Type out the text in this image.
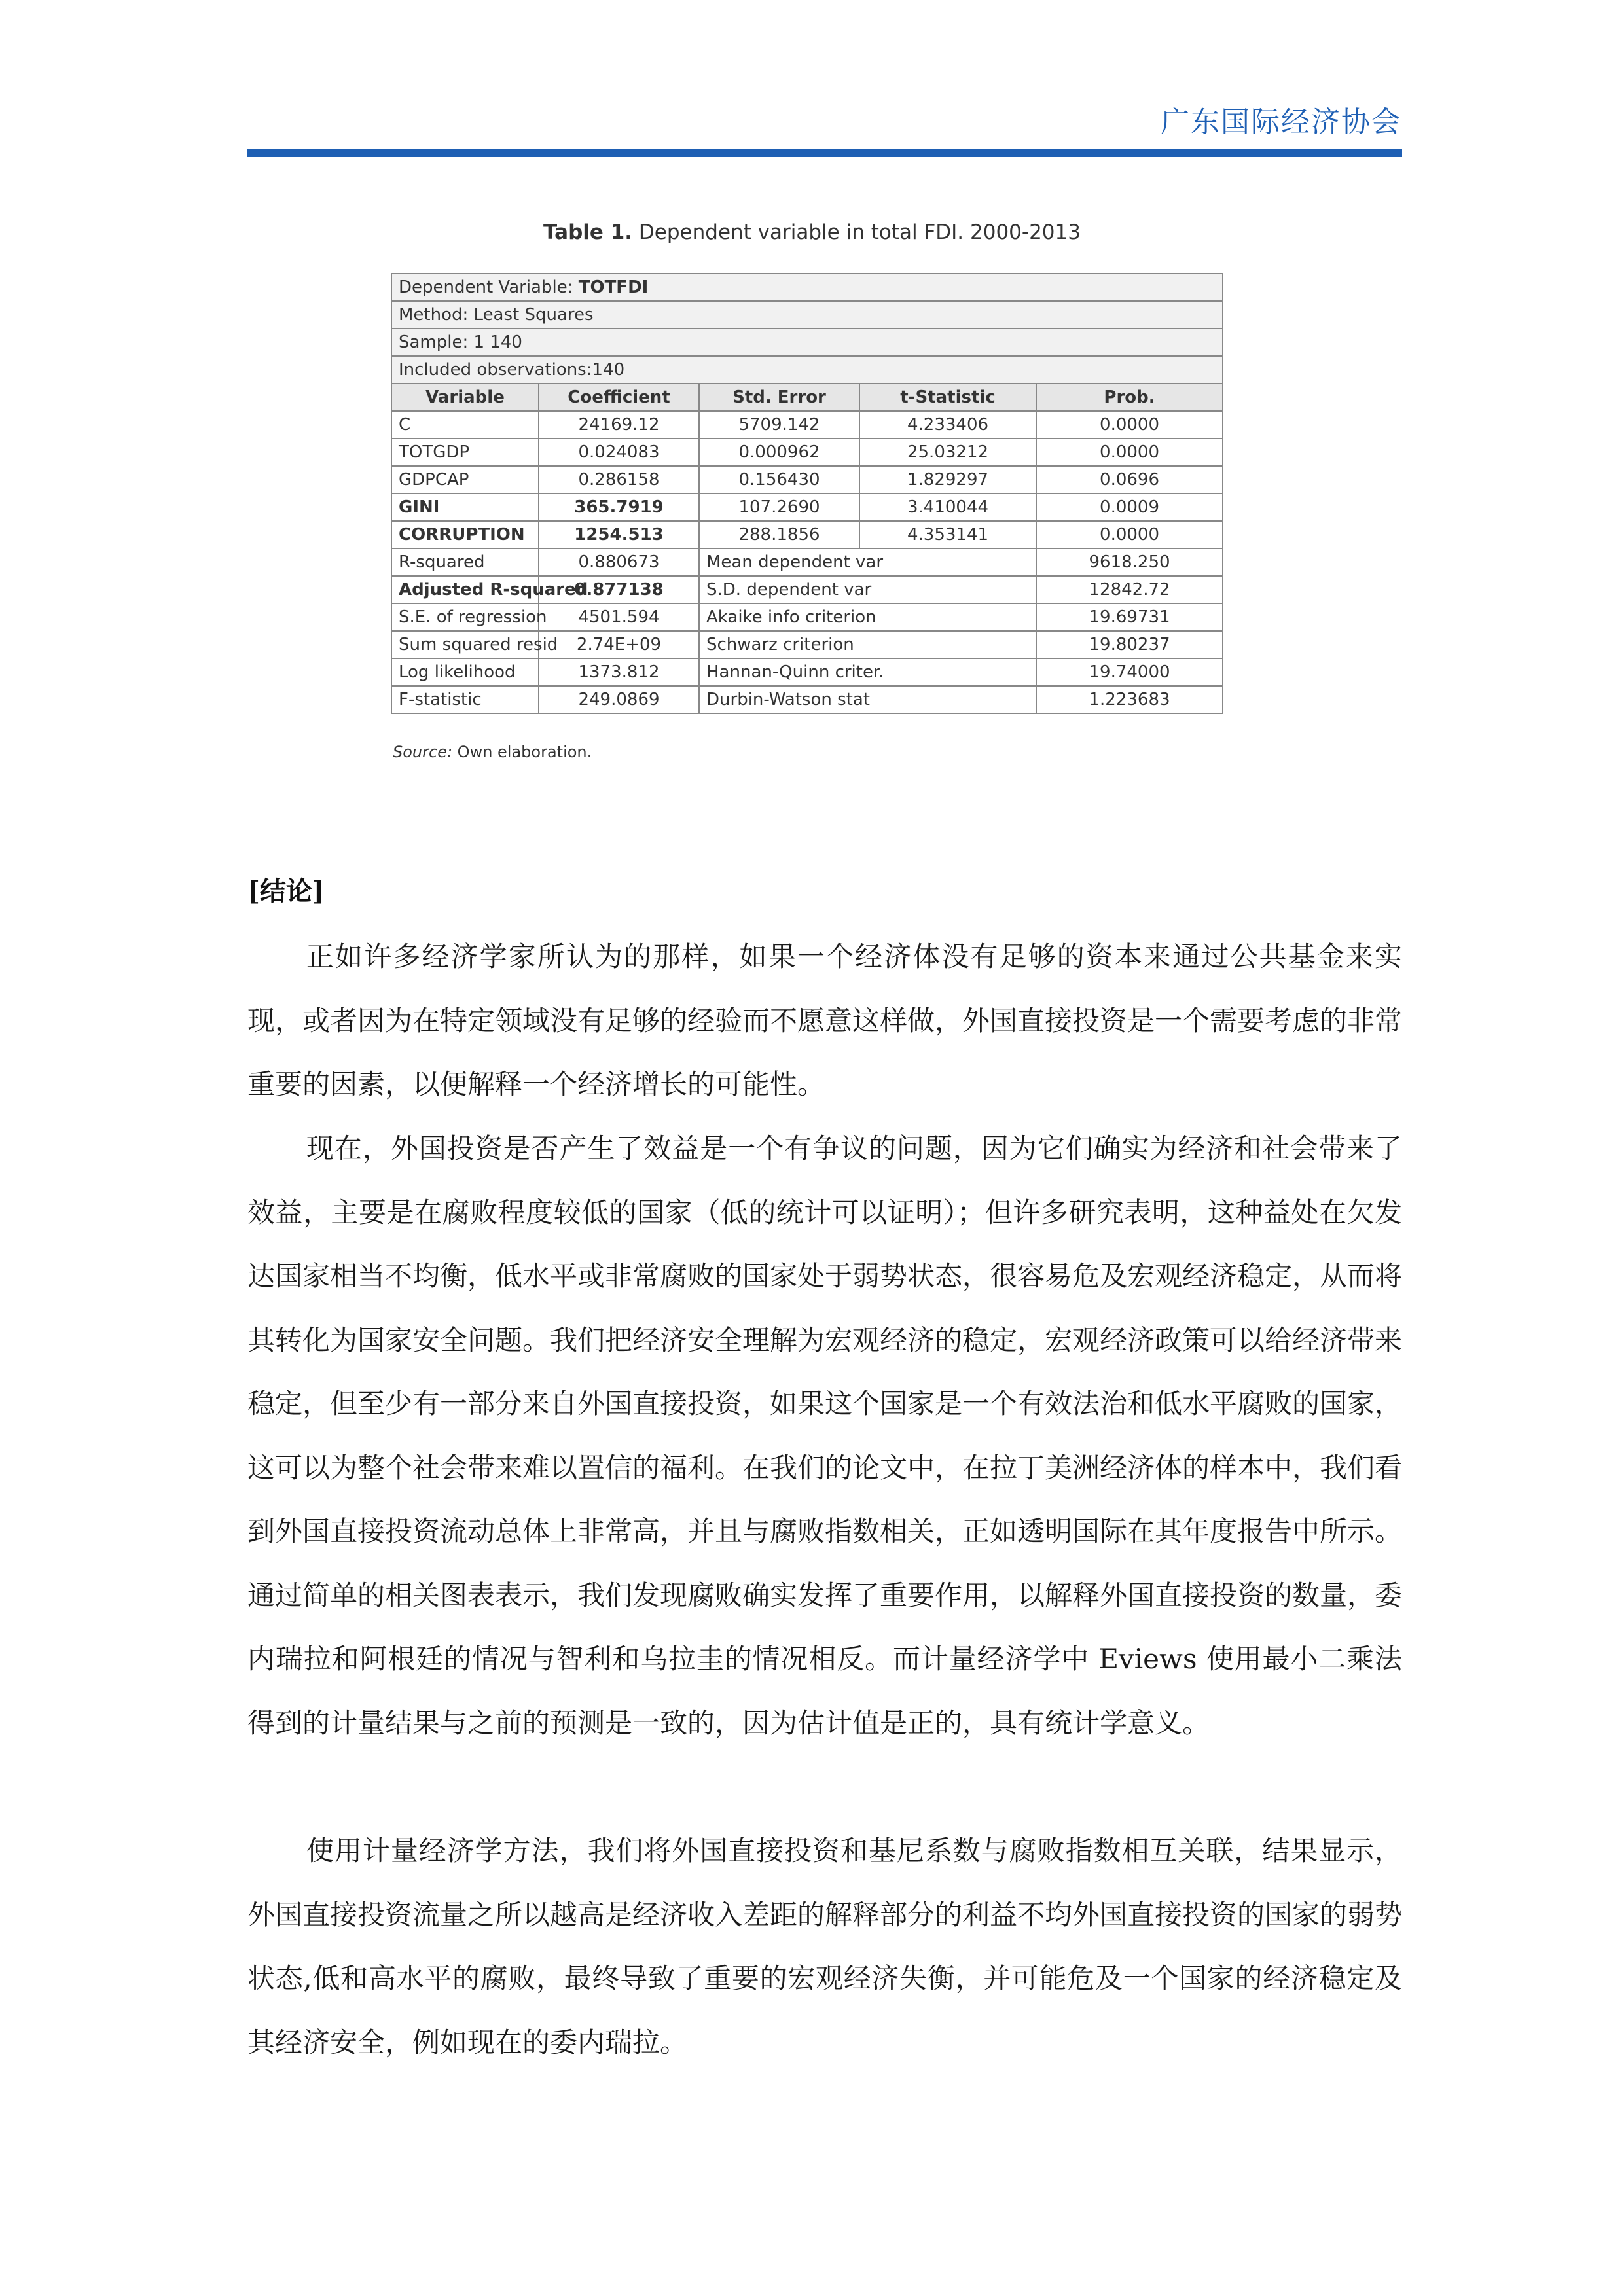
广东国际经济协会
Table 1. Dependent variable in total FDI. 2000-2013
Dependent Variable: TOTFDI				
Method: Least Squares				
Sample: 1 140				
Included observations:140				
Variable	Coefficient	Std. Error	t-Statistic	Prob.
C	24169.12	5709.142	4.233406	0.0000
TOTGDP	0.024083	0.000962	25.03212	0.0000
GDPCAP	0.286158	0.156430	1.829297	0.0696
GINI	365.7919	107.2690	3.410044	0.0009
CORRUPTION	1254.513	288.1856	4.353141	0.0000
R-squared	0.880673	Mean dependent var		9618.250
Adjusted R-squared	0.877138	S.D. dependent var		12842.72
S.E. of regression	4501.594	Akaike info criterion		19.69731
Sum squared resid	2.74E+09	Schwarz criterion		19.80237
Log likelihood	1373.812	Hannan-Quinn criter.		19.74000
F-statistic	249.0869	Durbin-Watson stat		1.223683
Source: Own elaboration.
[结论]

正如许多经济学家所认为的那样，如果一个经济体没有足够的资本来通过公共基金来实现，或者因为在特定领域没有足够的经验而不愿意这样做，外国直接投资是一个需要考虑的非常重要的因素，以便解释一个经济增长的可能性。

现在，外国投资是否产生了效益是一个有争议的问题，因为它们确实为经济和社会带来了效益，主要是在腐败程度较低的国家（低的统计可以证明）；但许多研究表明，这种益处在欠发达国家相当不均衡，低水平或非常腐败的国家处于弱势状态，很容易危及宏观经济稳定，从而将其转化为国家安全问题。我们把经济安全理解为宏观经济的稳定，宏观经济政策可以给经济带来稳定，但至少有一部分来自外国直接投资，如果这个国家是一个有效法治和低水平腐败的国家，这可以为整个社会带来难以置信的福利。在我们的论文中，在拉丁美洲经济体的样本中，我们看到外国直接投资流动总体上非常高，并且与腐败指数相关，正如透明国际在其年度报告中所示。通过简单的相关图表表示，我们发现腐败确实发挥了重要作用，以解释外国直接投资的数量，委内瑞拉和阿根廷的情况与智利和乌拉圭的情况相反。而计量经济学中 Eviews 使用最小二乘法得到的计量结果与之前的预测是一致的，因为估计值是正的，具有统计学意义。

使用计量经济学方法，我们将外国直接投资和基尼系数与腐败指数相互关联，结果显示，外国直接投资流量之所以越高是经济收入差距的解释部分的利益不均外国直接投资的国家的弱势状态,低和高水平的腐败，最终导致了重要的宏观经济失衡，并可能危及一个国家的经济稳定及其经济安全，例如现在的委内瑞拉。
